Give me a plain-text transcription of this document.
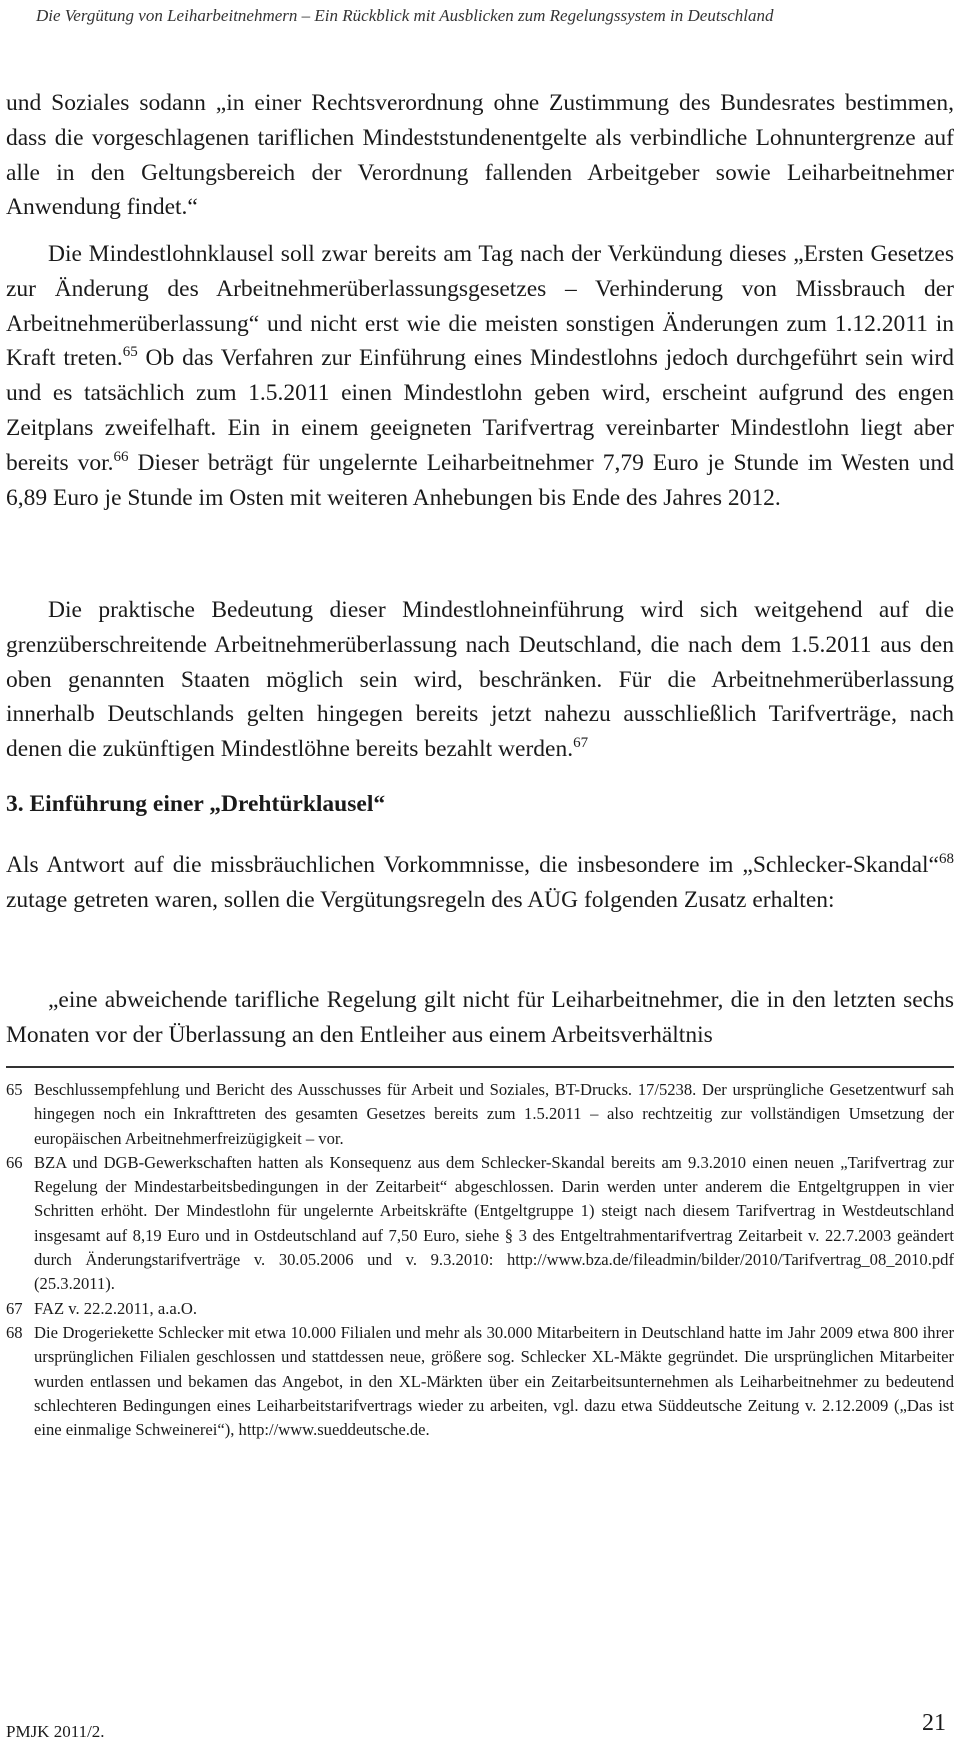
Die Vergütung von Leiharbeitnehmern – Ein Rückblick mit Ausblicken zum Regelungssystem in Deutschland

und Soziales sodann „in einer Rechtsverordnung ohne Zustimmung des Bundesrates bestimmen, dass die vorgeschlagenen tariflichen Mindeststundenentgelte als verbindliche Lohnuntergrenze auf alle in den Geltungsbereich der Verordnung fallenden Arbeitgeber sowie Leiharbeitnehmer Anwendung findet.“

Die Mindestlohnklausel soll zwar bereits am Tag nach der Verkündung dieses „Ersten Gesetzes zur Änderung des Arbeitnehmerüberlassungsgesetzes – Verhinderung von Missbrauch der Arbeitnehmerüberlassung“ und nicht erst wie die meisten sonstigen Änderungen zum 1.12.2011 in Kraft treten.$^{65}$ Ob das Verfahren zur Einführung eines Mindestlohns jedoch durchgeführt sein wird und es tatsächlich zum 1.5.2011 einen Mindestlohn geben wird, erscheint aufgrund des engen Zeitplans zweifelhaft. Ein in einem geeigneten Tarifvertrag vereinbarter Mindestlohn liegt aber bereits vor.$^{66}$ Dieser beträgt für ungelernte Leiharbeitnehmer 7,79 Euro je Stunde im Westen und 6,89 Euro je Stunde im Osten mit weiteren Anhebungen bis Ende des Jahres 2012.

Die praktische Bedeutung dieser Mindestlohneinführung wird sich weitgehend auf die grenzüberschreitende Arbeitnehmerüberlassung nach Deutschland, die nach dem 1.5.2011 aus den oben genannten Staaten möglich sein wird, beschränken. Für die Arbeitnehmerüberlassung innerhalb Deutschlands gelten hingegen bereits jetzt nahezu ausschließlich Tarifverträge, nach denen die zukünftigen Mindestlöhne bereits bezahlt werden.$^{67}$

3. Einführung einer „Drehtürklausel“

Als Antwort auf die missbräuchlichen Vorkommnisse, die insbesondere im „Schlecker-Skandal“$^{68}$ zutage getreten waren, sollen die Vergütungsregeln des AÜG folgenden Zusatz erhalten:

„eine abweichende tarifliche Regelung gilt nicht für Leiharbeitnehmer, die in den letzten sechs Monaten vor der Überlassung an den Entleiher aus einem Arbeitsverhältnis

65 Beschlussempfehlung und Bericht des Ausschusses für Arbeit und Soziales, BT-Drucks. 17/5238. Der ursprüngliche Gesetzentwurf sah hingegen noch ein Inkrafttreten des gesamten Gesetzes bereits zum 1.5.2011 – also rechtzeitig zur vollständigen Umsetzung der europäischen Arbeitnehmerfreizügigkeit – vor.
66 BZA und DGB-Gewerkschaften hatten als Konsequenz aus dem Schlecker-Skandal bereits am 9.3.2010 einen neuen „Tarifvertrag zur Regelung der Mindestarbeitsbedingungen in der Zeitarbeit“ abgeschlossen. Darin werden unter anderem die Entgeltgruppen in vier Schritten erhöht. Der Mindestlohn für ungelernte Arbeitskräfte (Entgeltgruppe 1) steigt nach diesem Tarifvertrag in Westdeutschland insgesamt auf 8,19 Euro und in Ostdeutschland auf 7,50 Euro, siehe § 3 des Entgeltrahmentarifvertrag Zeitarbeit v. 22.7.2003 geändert durch Änderungstarifverträge v. 30.05.2006 und v. 9.3.2010: http://www.bza.de/fileadmin/bilder/2010/Tarifvertrag_08_2010.pdf (25.3.2011).
67 FAZ v. 22.2.2011, a.a.O.
68 Die Drogeriekette Schlecker mit etwa 10.000 Filialen und mehr als 30.000 Mitarbeitern in Deutschland hatte im Jahr 2009 etwa 800 ihrer ursprünglichen Filialen geschlossen und stattdessen neue, größere sog. Schlecker XL-Mäkte gegründet. Die ursprünglichen Mitarbeiter wurden entlassen und bekamen das Angebot, in den XL-Märkten über ein Zeitarbeitsunternehmen als Leiharbeitnehmer zu bedeutend schlechteren Bedingungen eines Leiharbeitstarifvertrags wieder zu arbeiten, vgl. dazu etwa Süddeutsche Zeitung v. 2.12.2009 („Das ist eine einmalige Schweinerei“), http://www.sueddeutsche.de.
PMJK 2011/2.	21
